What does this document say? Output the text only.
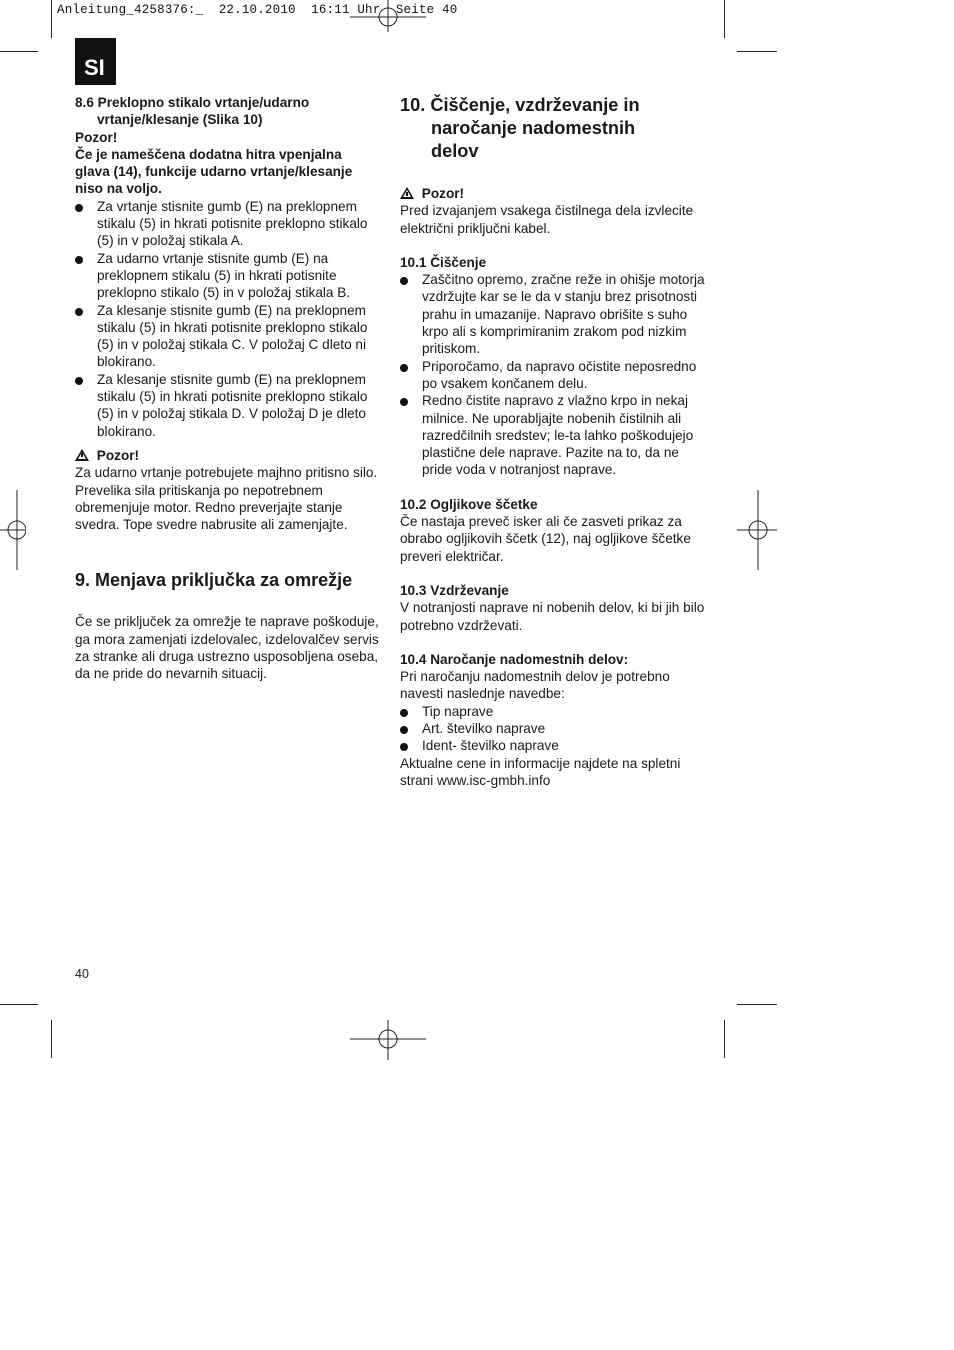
Anleitung_4258376:_  22.10.2010  16:11 Uhr  Seite 40
SI

8.6 Preklopno stikalo vrtanje/udarno
vrtanje/klesanje (Slika 10)

Pozor!

Če je nameščena dodatna hitra vpenjalna glava (14), funkcije udarno vrtanje/klesanje niso na voljo.

Za vrtanje stisnite gumb (E) na preklopnem stikalu (5) in hkrati potisnite preklopno stikalo (5) in v položaj stikala A.
Za udarno vrtanje stisnite gumb (E) na preklopnem stikalu (5) in hkrati potisnite preklopno stikalo (5) in v položaj stikala B.
Za klesanje stisnite gumb (E) na preklopnem stikalu (5) in hkrati potisnite preklopno stikalo (5) in v položaj stikala C. V položaj C dleto ni blokirano.
Za klesanje stisnite gumb (E) na preklopnem stikalu (5) in hkrati potisnite preklopno stikalo (5) in v položaj stikala D. V položaj D je dleto blokirano.

Pozor!

Za udarno vrtanje potrebujete majhno pritisno silo. Prevelika sila pritiskanja po nepotrebnem obremenjuje motor. Redno preverjajte stanje svedra. Tope svedre nabrusite ali zamenjajte.

9. Menjava priključka za omrežje

Če se priključek za omrežje te naprave poškoduje, ga mora zamenjati izdelovalec, izdelovalčev servis za stranke ali druga ustrezno usposobljena oseba, da ne pride do nevarnih situacij.

10. Čiščenje, vzdrževanje in
naročanje nadomestnih
delov

Pozor!

Pred izvajanjem vsakega čistilnega dela izvlecite električni priključni kabel.

10.1 Čiščenje

Zaščitno opremo, zračne reže in ohišje motorja vzdržujte kar se le da v stanju brez prisotnosti prahu in umazanije. Napravo obrišite s suho krpo ali s komprimiranim zrakom pod nizkim pritiskom.
Priporočamo, da napravo očistite neposredno po vsakem končanem delu.
Redno čistite napravo z vlažno krpo in nekaj milnice. Ne uporabljajte nobenih čistilnih ali razredčilnih sredstev; le-ta lahko poškodujejo plastične dele naprave. Pazite na to, da ne pride voda v notranjost naprave.

10.2 Ogljikove ščetke

Če nastaja preveč isker ali če zasveti prikaz za obrabo ogljikovih ščetk (12), naj ogljikove ščetke preveri električar.

10.3 Vzdrževanje

V notranjosti naprave ni nobenih delov, ki bi jih bilo potrebno vzdrževati.

10.4 Naročanje nadomestnih delov:

Pri naročanju nadomestnih delov je potrebno navesti naslednje navedbe:

Tip naprave
Art. številko naprave
Ident- številko naprave

Aktualne cene in informacije najdete na spletni strani www.isc-gmbh.info

40
